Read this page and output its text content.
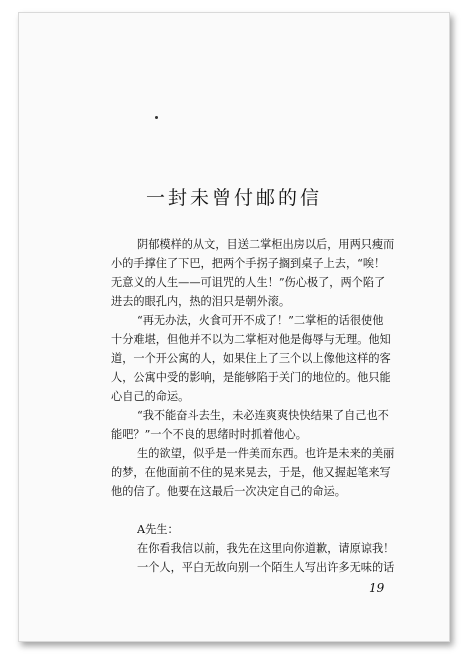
一封未曾付邮的信
阴郁模样的从文，目送二掌柜出房以后，用两只瘦而
小的手撑住了下巴，把两个手拐子搁到桌子上去，“唉！
无意义的人生——可诅咒的人生！”伤心极了，两个陷了
进去的眼孔内，热的泪只是朝外滚。
“再无办法，火食可开不成了！”二掌柜的话很使他
十分难堪，但他并不以为二掌柜对他是侮辱与无理。他知
道，一个开公寓的人，如果住上了三个以上像他这样的客
人，公寓中受的影响，是能够陷于关门的地位的。他只能
心自己的命运。
“我不能奋斗去生，未必连爽爽快快结果了自己也不
能吧？”一个不良的思绪时时抓着他心。
生的欲望，似乎是一件美而东西。也许是未来的美丽
的梦，在他面前不住的晃来晃去，于是，他又握起笔来写
他的信了。他要在这最后一次决定自己的命运。
A先生：
在你看我信以前，我先在这里向你道歉，请原谅我！
一个人，平白无故向别一个陌生人写出许多无味的话
19
